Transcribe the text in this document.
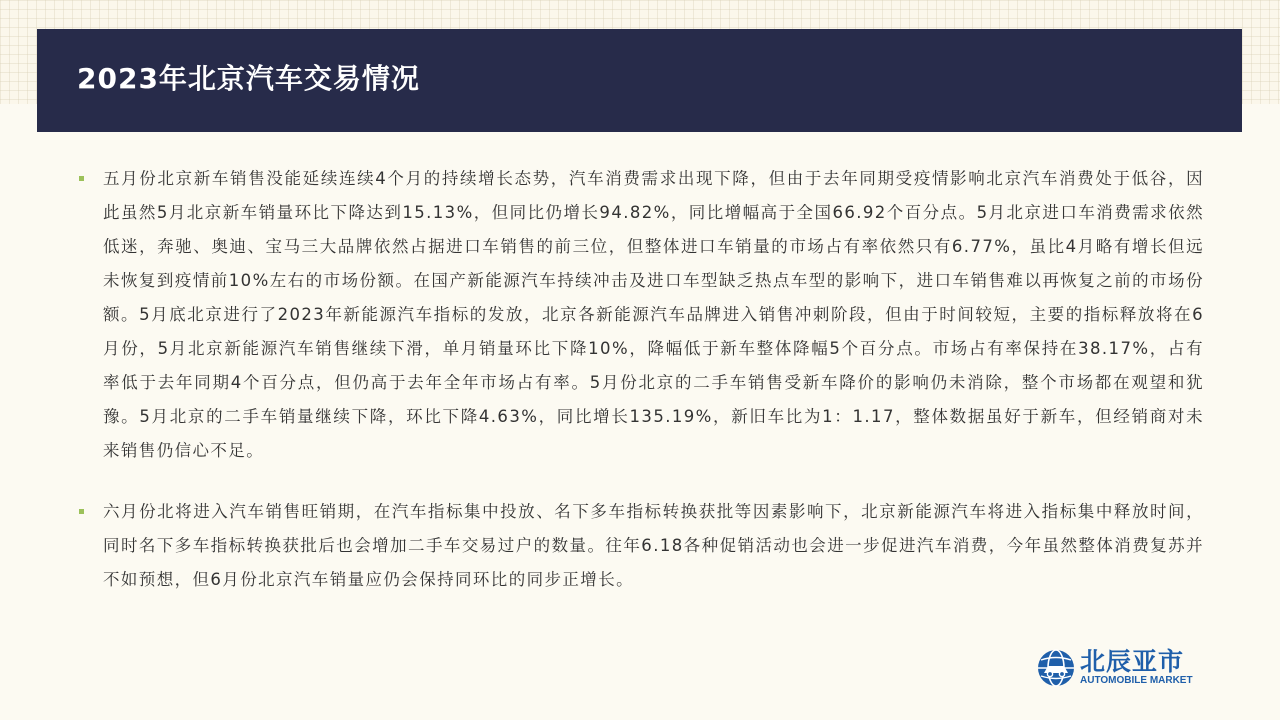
2023年北京汽车交易情况
五月份北京新车销售没能延续连续4个月的持续增长态势，汽车消费需求出现下降，但由于去年同期受疫情影响北京汽车消费处于低谷，因此虽然5月北京新车销量环比下降达到15.13%，但同比仍增长94.82%，同比增幅高于全国66.92个百分点。5月北京进口车消费需求依然低迷，奔驰、奥迪、宝马三大品牌依然占据进口车销售的前三位，但整体进口车销量的市场占有率依然只有6.77%，虽比4月略有增长但远未恢复到疫情前10%左右的市场份额。在国产新能源汽车持续冲击及进口车型缺乏热点车型的影响下，进口车销售难以再恢复之前的市场份额。5月底北京进行了2023年新能源汽车指标的发放，北京各新能源汽车品牌进入销售冲刺阶段，但由于时间较短，主要的指标释放将在6月份，5月北京新能源汽车销售继续下滑，单月销量环比下降10%，降幅低于新车整体降幅5个百分点。市场占有率保持在38.17%，占有率低于去年同期4个百分点，但仍高于去年全年市场占有率。5月份北京的二手车销售受新车降价的影响仍未消除，整个市场都在观望和犹豫。5月北京的二手车销量继续下降，环比下降4.63%，同比增长135.19%，新旧车比为1：1.17，整体数据虽好于新车，但经销商对未来销售仍信心不足。
六月份北将进入汽车销售旺销期，在汽车指标集中投放、名下多车指标转换获批等因素影响下，北京新能源汽车将进入指标集中释放时间，同时名下多车指标转换获批后也会增加二手车交易过户的数量。往年6.18各种促销活动也会进一步促进汽车消费，今年虽然整体消费复苏并不如预想，但6月份北京汽车销量应仍会保持同环比的同步正增长。
北辰亚市
AUTOMOBILE MARKET
